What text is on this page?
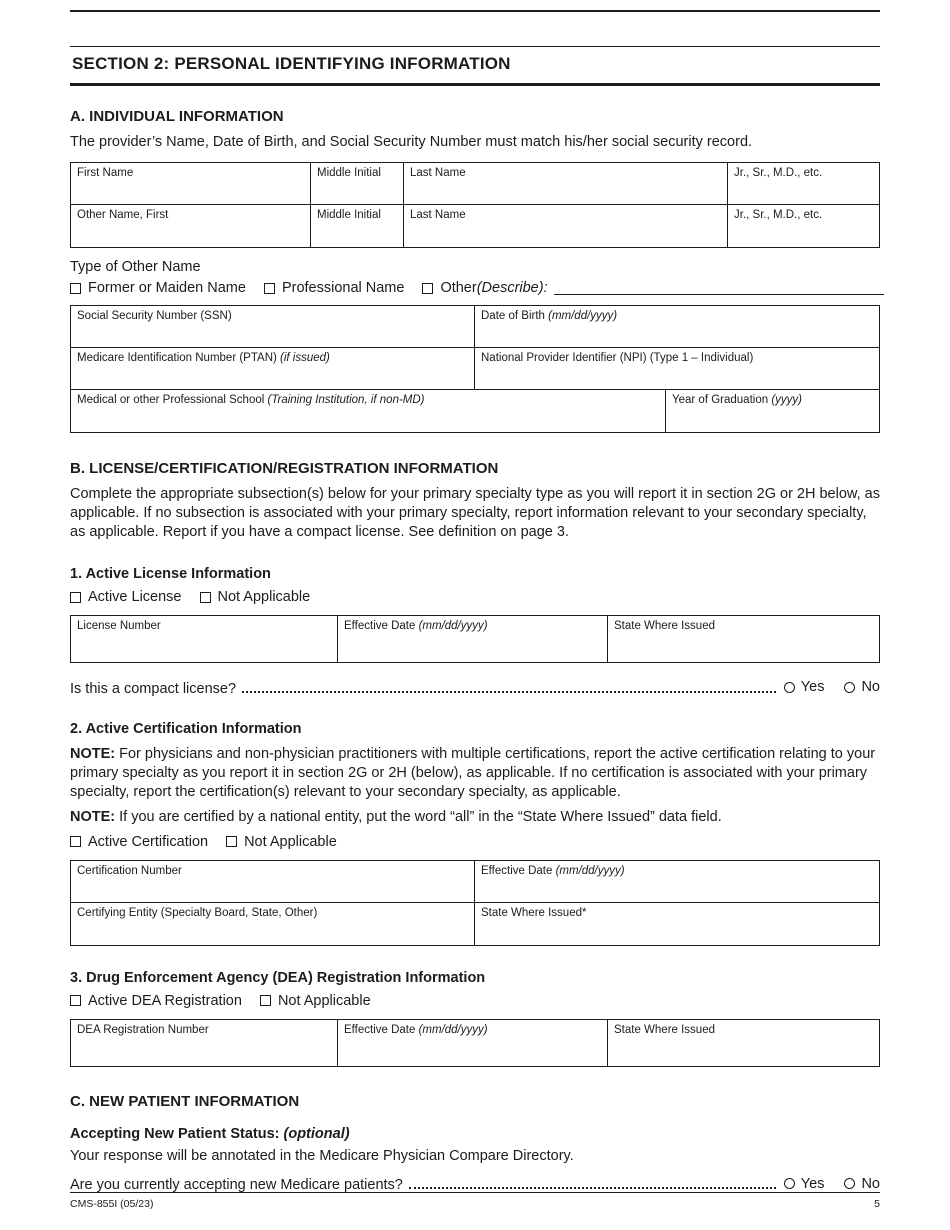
SECTION 2: PERSONAL IDENTIFYING INFORMATION
A. INDIVIDUAL INFORMATION

The provider’s Name, Date of Birth, and Social Security Number must match his/her social security record.

First Name	Middle Initial	Last Name	Jr., Sr., M.D., etc.
Other Name, First	Middle Initial	Last Name	Jr., Sr., M.D., etc.
Type of Other Name
Former or Maiden Name Professional Name Other (Describe):
Social Security Number (SSN)	Date of Birth (mm/dd/yyyy)
Medicare Identification Number (PTAN) (if issued)	National Provider Identifier (NPI) (Type 1 – Individual)
Medical or other Professional School (Training Institution, if non-MD)	Year of Graduation (yyyy)
B. LICENSE/CERTIFICATION/REGISTRATION INFORMATION

Complete the appropriate subsection(s) below for your primary specialty type as you will report it in section 2G or 2H below, as applicable. If no subsection is associated with your primary specialty, report information relevant to your secondary specialty, as applicable. Report if you have a compact license. See definition on page 3.

1. Active License Information
Active License Not Applicable
License Number	Effective Date (mm/dd/yyyy)	State Where Issued
Is this a compact license?	Yes	No
2. Active Certification Information

NOTE: For physicians and non-physician practitioners with multiple certifications, report the active certification relating to your primary specialty as you report it in section 2G or 2H (below), as applicable. If no certification is associated with your primary specialty, report the certification(s) relevant to your secondary specialty, as applicable.

NOTE: If you are certified by a national entity, put the word “all” in the “State Where Issued” data field.

Active Certification Not Applicable
Certification Number	Effective Date (mm/dd/yyyy)
Certifying Entity (Specialty Board, State, Other)	State Where Issued*
3. Drug Enforcement Agency (DEA) Registration Information
Active DEA Registration Not Applicable
DEA Registration Number	Effective Date (mm/dd/yyyy)	State Where Issued
C. NEW PATIENT INFORMATION

Accepting New Patient Status: (optional)

Your response will be annotated in the Medicare Physician Compare Directory.

Are you currently accepting new Medicare patients?	Yes	No
CMS-855I (05/23)	5
